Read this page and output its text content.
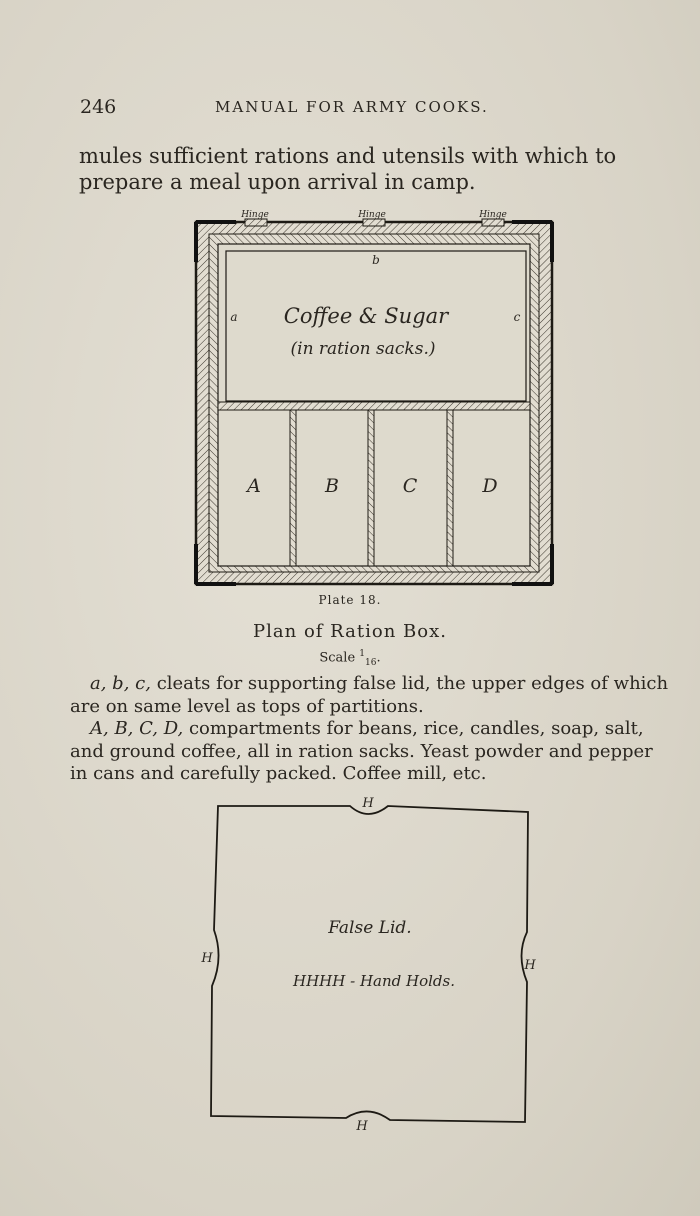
246	MANUAL FOR ARMY COOKS.
mules sufficient rations and utensils with which to prepare a meal upon arrival in camp.
Hinge	Hinge	Hinge
b
a	c
Coffee & Sugar
(in ration sacks.)
A	B	C	D
H
H	H
H
False Lid.
HHHH - Hand Holds.
Plate 18.
Plan of Ration Box.
Scale $^1_{16}$.
a, b, c, cleats for supporting false lid, the upper edges of which are on same level as tops of partitions.
A, B, C, D, compartments for beans, rice, candles, soap, salt, and ground coffee, all in ration sacks. Yeast powder and pepper in cans and carefully packed. Coffee mill, etc.
